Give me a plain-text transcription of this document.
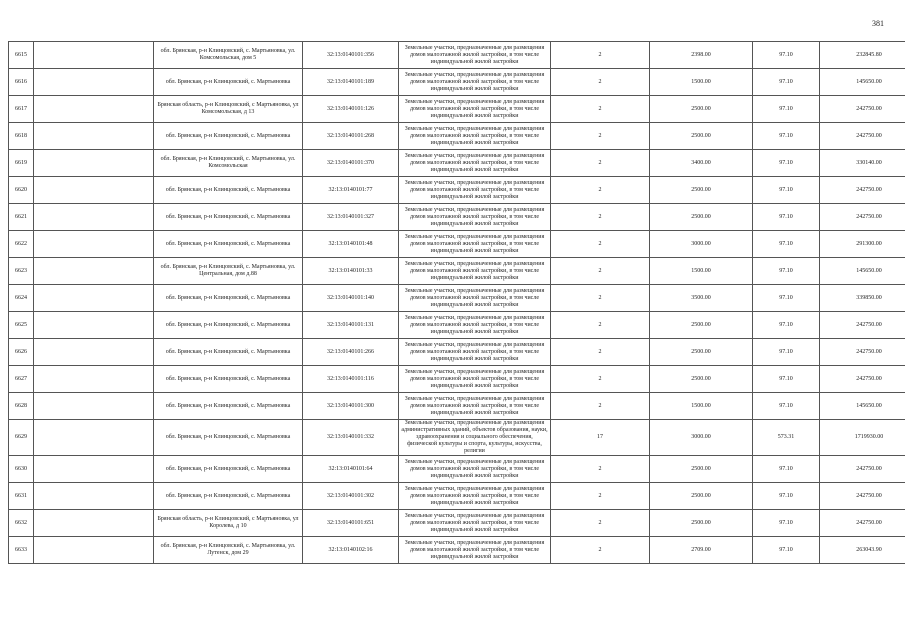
381
6615		обл. Брянская, р-н Клинцовский, с. Мартьяновка, ул. Комсомольская, дом 5	32:13:0140101:356	Земельные участки, предназначенные для размещения домов малоэтажной жилой застройки, в том числе индивидуальной жилой застройки	2	2398.00	97.10	232845.80
6616		обл. Брянская, р-н Клинцовский, с. Мартьяновка	32:13:0140101:189	Земельные участки, предназначенные для размещения домов малоэтажной жилой застройки, в том числе индивидуальной жилой застройки	2	1500.00	97.10	145650.00
6617		Брянская область, р-н Клинцовский, с Мартьяновка, ул Комсомольская, д 13	32:13:0140101:126	Земельные участки, предназначенные для размещения домов малоэтажной жилой застройки, в том числе индивидуальной жилой застройки	2	2500.00	97.10	242750.00
6618		обл. Брянская, р-н Клинцовский, с. Мартьяновка	32:13:0140101:268	Земельные участки, предназначенные для размещения домов малоэтажной жилой застройки, в том числе индивидуальной жилой застройки	2	2500.00	97.10	242750.00
6619		обл. Брянская, р-н Клинцовский, с. Мартьяновка, ул. Комсомольская	32:13:0140101:370	Земельные участки, предназначенные для размещения домов малоэтажной жилой застройки, в том числе индивидуальной жилой застройки	2	3400.00	97.10	330140.00
6620		обл. Брянская, р-н Клинцовский, с. Мартьяновка	32:13:0140101:77	Земельные участки, предназначенные для размещения домов малоэтажной жилой застройки, в том числе индивидуальной жилой застройки	2	2500.00	97.10	242750.00
6621		обл. Брянская, р-н Клинцовский, с. Мартьяновка	32:13:0140101:327	Земельные участки, предназначенные для размещения домов малоэтажной жилой застройки, в том числе индивидуальной жилой застройки	2	2500.00	97.10	242750.00
6622		обл. Брянская, р-н Клинцовский, с. Мартьяновка	32:13:0140101:48	Земельные участки, предназначенные для размещения домов малоэтажной жилой застройки, в том числе индивидуальной жилой застройки	2	3000.00	97.10	291300.00
6623		обл. Брянская, р-н Клинцовский, с. Мартьяновка, ул. Центральная, дом д.88	32:13:0140101:33	Земельные участки, предназначенные для размещения домов малоэтажной жилой застройки, в том числе индивидуальной жилой застройки	2	1500.00	97.10	145650.00
6624		обл. Брянская, р-н Клинцовский, с. Мартьяновка	32:13:0140101:140	Земельные участки, предназначенные для размещения домов малоэтажной жилой застройки, в том числе индивидуальной жилой застройки	2	3500.00	97.10	339850.00
6625		обл. Брянская, р-н Клинцовский, с. Мартьяновка	32:13:0140101:131	Земельные участки, предназначенные для размещения домов малоэтажной жилой застройки, в том числе индивидуальной жилой застройки	2	2500.00	97.10	242750.00
6626		обл. Брянская, р-н Клинцовский, с. Мартьяновка	32:13:0140101:266	Земельные участки, предназначенные для размещения домов малоэтажной жилой застройки, в том числе индивидуальной жилой застройки	2	2500.00	97.10	242750.00
6627		обл. Брянская, р-н Клинцовский, с. Мартьяновка	32:13:0140101:116	Земельные участки, предназначенные для размещения домов малоэтажной жилой застройки, в том числе индивидуальной жилой застройки	2	2500.00	97.10	242750.00
6628		обл. Брянская, р-н Клинцовский, с. Мартьяновка	32:13:0140101:300	Земельные участки, предназначенные для размещения домов малоэтажной жилой застройки, в том числе индивидуальной жилой застройки	2	1500.00	97.10	145650.00
6629		обл. Брянская, р-н Клинцовский, с. Мартьяновка	32:13:0140101:332	Земельные участки, предназначенные для размещения административных зданий, объектов образования, науки, здравоохранения и социального обеспечения, физической культуры и спорта, культуры, искусства, религии	17	3000.00	573.31	1719930.00
6630		обл. Брянская, р-н Клинцовский, с. Мартьяновка	32:13:0140101:64	Земельные участки, предназначенные для размещения домов малоэтажной жилой застройки, в том числе индивидуальной жилой застройки	2	2500.00	97.10	242750.00
6631		обл. Брянская, р-н Клинцовский, с. Мартьяновка	32:13:0140101:302	Земельные участки, предназначенные для размещения домов малоэтажной жилой застройки, в том числе индивидуальной жилой застройки	2	2500.00	97.10	242750.00
6632		Брянская область, р-н Клинцовский, с Мартьяновка, ул Королева, д 10	32:13:0140101:651	Земельные участки, предназначенные для размещения домов малоэтажной жилой застройки, в том числе индивидуальной жилой застройки	2	2500.00	97.10	242750.00
6633		обл. Брянская, р-н Клинцовский, с. Мартьяновка, ул. Лутенск, дом 29	32:13:0140102:16	Земельные участки, предназначенные для размещения домов малоэтажной жилой застройки, в том числе индивидуальной жилой застройки	2	2709.00	97.10	263043.90
